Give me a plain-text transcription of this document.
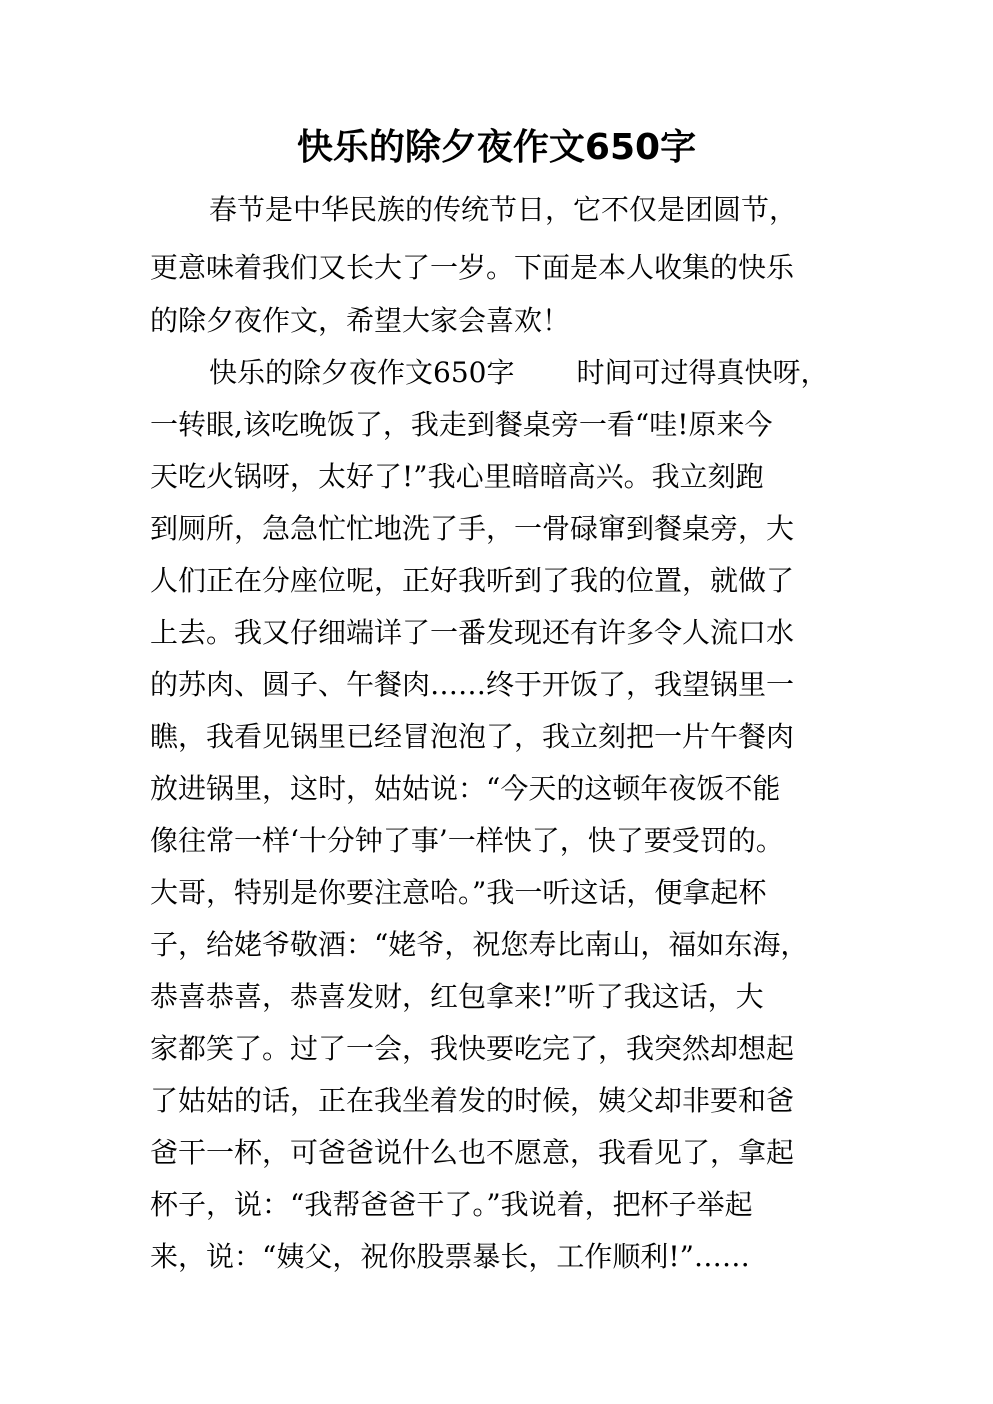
快乐的除夕夜作文650字
春节是中华民族的传统节日，它不仅是团圆节，
更意味着我们又长大了一岁。下面是本人收集的快乐
的除夕夜作文，希望大家会喜欢！
快乐的除夕夜作文650字 时间可过得真快呀，
一转眼,该吃晚饭了，我走到餐桌旁一看“哇!原来今
天吃火锅呀，太好了!”我心里暗暗高兴。我立刻跑
到厕所，急急忙忙地洗了手，一骨碌窜到餐桌旁，大
人们正在分座位呢，正好我听到了我的位置，就做了
上去。我又仔细端详了一番发现还有许多令人流口水
的苏肉、圆子、午餐肉……终于开饭了，我望锅里一
瞧，我看见锅里已经冒泡泡了，我立刻把一片午餐肉
放进锅里，这时，姑姑说：“今天的这顿年夜饭不能
像往常一样‘十分钟了事’一样快了，快了要受罚的。
大哥，特别是你要注意哈。”我一听这话，便拿起杯
子，给姥爷敬酒：“姥爷，祝您寿比南山，福如东海，
恭喜恭喜，恭喜发财，红包拿来!”听了我这话，大
家都笑了。过了一会，我快要吃完了，我突然却想起
了姑姑的话，正在我坐着发的时候，姨父却非要和爸
爸干一杯，可爸爸说什么也不愿意，我看见了，拿起
杯子，说：“我帮爸爸干了。”我说着，把杯子举起
来，说：“姨父，祝你股票暴长，工作顺利!”……
